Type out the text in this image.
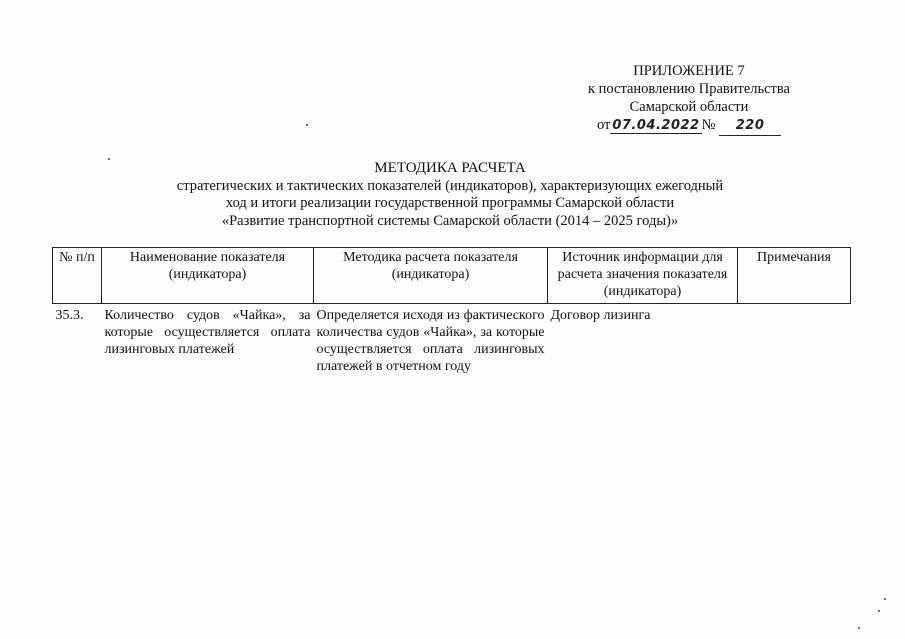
ПРИЛОЖЕНИЕ 7
к постановлению Правительства
Самарской области
от 07.04.2022 № 220
МЕТОДИКА РАСЧЕТА
стратегических и тактических показателей (индикаторов), характеризующих ежегодный
ход и итоги реализации государственной программы Самарской области
«Развитие транспортной системы Самарской области (2014 – 2025 годы)»
№ п/п	Наименование показателя (индикатора)	Методика расчета показателя (индикатора)	Источник информации для расчета значения показателя (индикатора)	Примечания
35.3.	Количество судов «Чайка», за которые осуществляется оплата лизинговых платежей	Определяется исходя из фактического количества судов «Чайка», за которые осуществляется оплата лизинговых платежей в отчетном году	Договор лизинга	
